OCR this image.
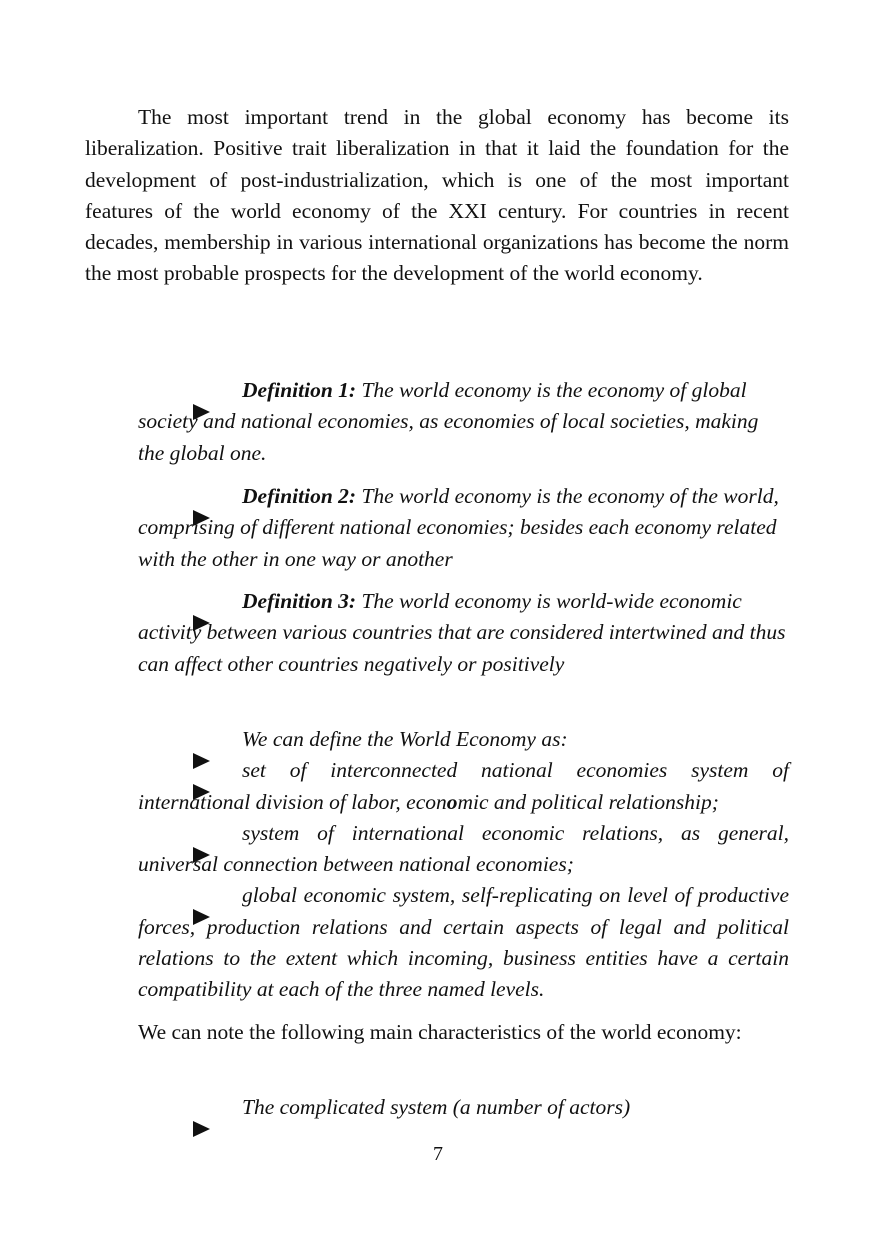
The most important trend in the global economy has become its liberalization. Positive trait liberalization in that it laid the foundation for the development of post-industrialization, which is one of the most important features of the world economy of the XXI century. For countries in recent decades, membership in various international organizations has become the norm the most probable prospects for the development of the world economy.

Definition 1: The world economy is the economy of global society and national economies, as economies of local societies, making the global one.

Definition 2: The world economy is the economy of the world, comprising of different national economies; besides each economy related with the other in one way or another

Definition 3: The world economy is world-wide economic activity between various countries that are considered intertwined and thus can affect other countries negatively or positively

We can define the World Economy as:

set of interconnected national economies system of international division of labor, economic and political relationship;

system of international economic relations, as general, universal connection between national economies;

global economic system, self-replicating on level of productive forces, production relations and certain aspects of legal and political relations to the extent which incoming, business entities have a certain compatibility at each of the three named levels.

We can note the following main characteristics of the world economy:

The complicated system (a number of actors)

7
